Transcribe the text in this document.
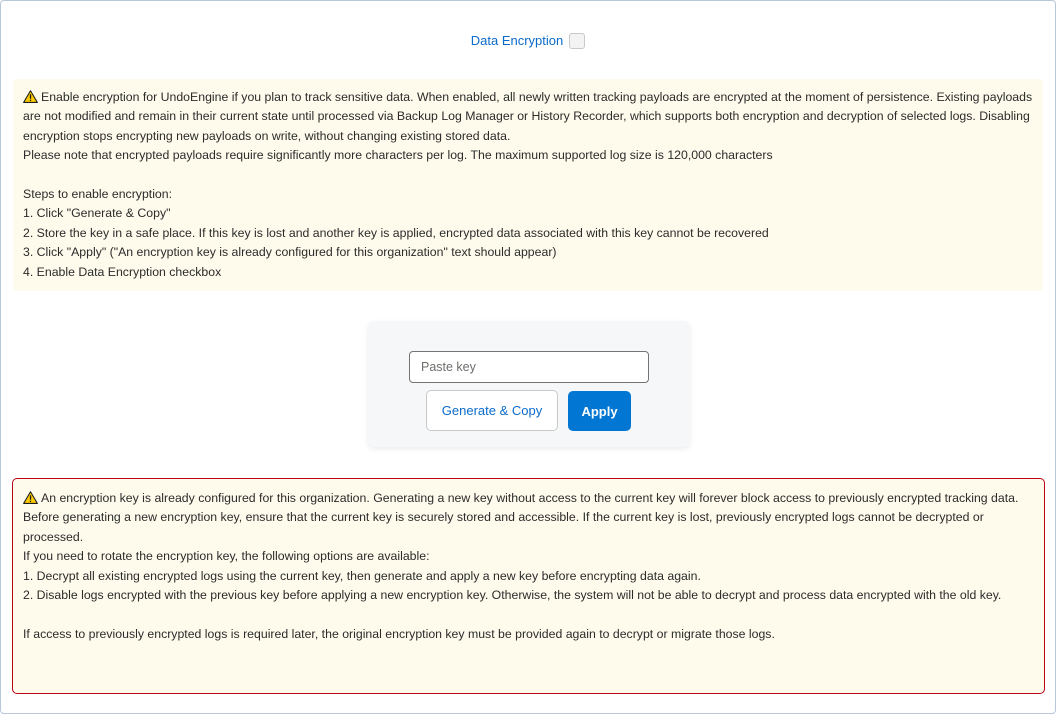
Data Encryption

Enable encryption for UndoEngine if you plan to track sensitive data. When enabled, all newly written tracking payloads are encrypted at the moment of persistence. Existing payloads are not modified and remain in their current state until processed via Backup Log Manager or History Recorder, which supports both encryption and decryption of selected logs. Disabling encryption stops encrypting new payloads on write, without changing existing stored data.

Please note that encrypted payloads require significantly more characters per log. The maximum supported log size is 120,000 characters

Steps to enable encryption:

1. Click "Generate & Copy"

2. Store the key in a safe place. If this key is lost and another key is applied, encrypted data associated with this key cannot be recovered

3. Click "Apply" ("An encryption key is already configured for this organization" text should appear)

4. Enable Data Encryption checkbox

Paste key
Generate & Copy	Apply

An encryption key is already configured for this organization. Generating a new key without access to the current key will forever block access to previously encrypted tracking data.

Before generating a new encryption key, ensure that the current key is securely stored and accessible. If the current key is lost, previously encrypted logs cannot be decrypted or processed.

If you need to rotate the encryption key, the following options are available:

1. Decrypt all existing encrypted logs using the current key, then generate and apply a new key before encrypting data again.

2. Disable logs encrypted with the previous key before applying a new encryption key. Otherwise, the system will not be able to decrypt and process data encrypted with the old key.

If access to previously encrypted logs is required later, the original encryption key must be provided again to decrypt or migrate those logs.
